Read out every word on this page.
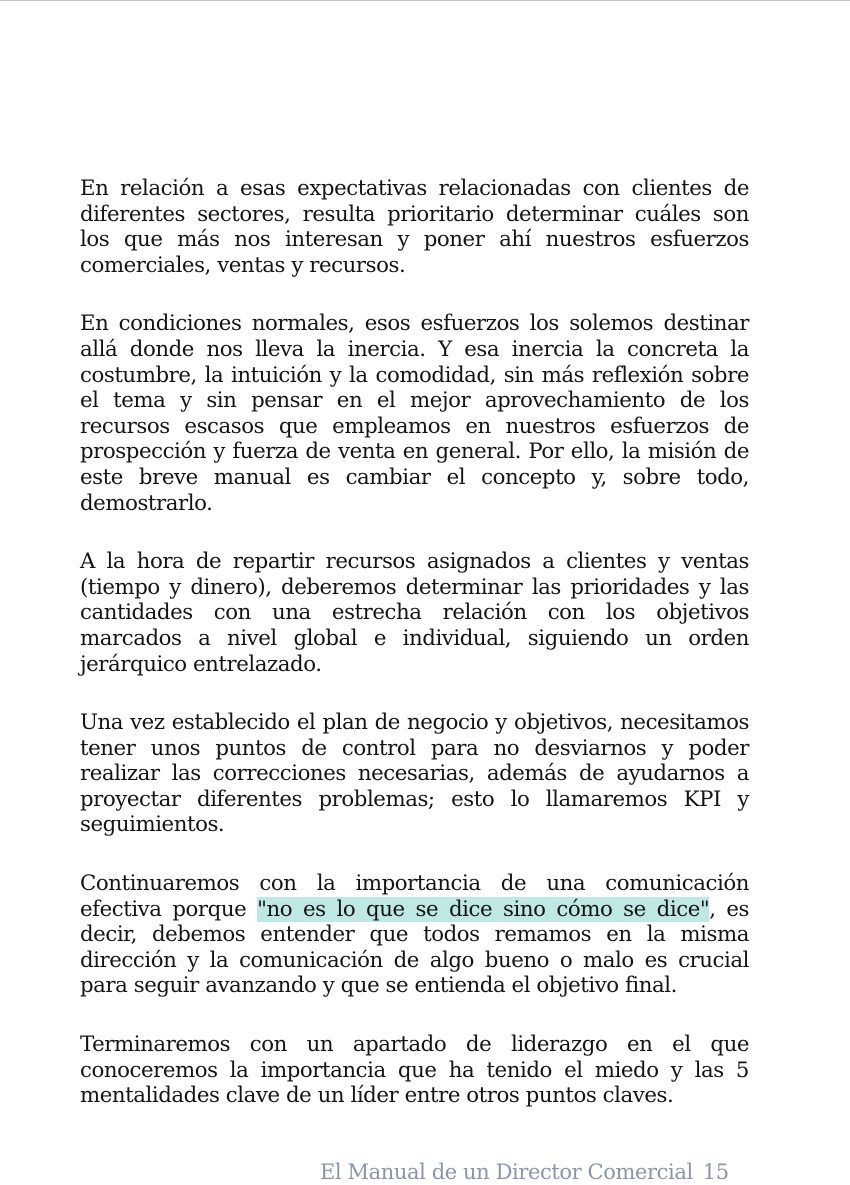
En relación a esas expectativas relacionadas con clientes de diferentes sectores, resulta prioritario determinar cuáles son los que más nos interesan y poner ahí nuestros esfuerzos comerciales, ventas y recursos.

En condiciones normales, esos esfuerzos los solemos destinar allá donde nos lleva la inercia. Y esa inercia la concreta la costumbre, la intuición y la comodidad, sin más reflexión sobre el tema y sin pensar en el mejor aprovechamiento de los recursos escasos que empleamos en nuestros esfuerzos de prospección y fuerza de venta en general. Por ello, la misión de este breve manual es cambiar el concepto y, sobre todo, demostrarlo.

A la hora de repartir recursos asignados a clientes y ventas (tiempo y dinero), deberemos determinar las prioridades y las cantidades con una estrecha relación con los objetivos marcados a nivel global e individual, siguiendo un orden jerárquico entrelazado.

Una vez establecido el plan de negocio y objetivos, necesitamos tener unos puntos de control para no desviarnos y poder realizar las correcciones necesarias, además de ayudarnos a proyectar diferentes problemas; esto lo llamaremos KPI y seguimientos.

Continuaremos con la importancia de una comunicación efectiva porque "no es lo que se dice sino cómo se dice", es decir, debemos entender que todos remamos en la misma dirección y la comunicación de algo bueno o malo es crucial para seguir avanzando y que se entienda el objetivo final.

Terminaremos con un apartado de liderazgo en el que conoceremos la importancia que ha tenido el miedo y las 5 mentalidades clave de un líder entre otros puntos claves.

El Manual de un Director Comercial 15
